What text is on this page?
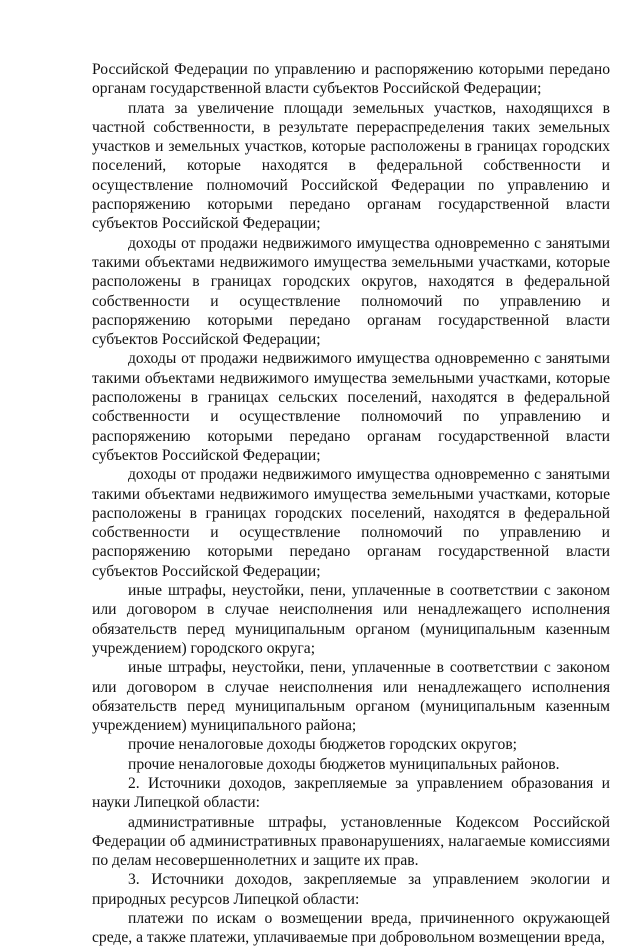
Российской Федерации по управлению и распоряжению которыми передано органам государственной власти субъектов Российской Федерации;

плата за увеличение площади земельных участков, находящихся в частной собственности, в результате перераспределения таких земельных участков и земельных участков, которые расположены в границах городских поселений, которые находятся в федеральной собственности и осуществление полномочий Российской Федерации по управлению и распоряжению которыми передано органам государственной власти субъектов Российской Федерации;

доходы от продажи недвижимого имущества одновременно с занятыми такими объектами недвижимого имущества земельными участками, которые расположены в границах городских округов, находятся в федеральной собственности и осуществление полномочий по управлению и распоряжению которыми передано органам государственной власти субъектов Российской Федерации;

доходы от продажи недвижимого имущества одновременно с занятыми такими объектами недвижимого имущества земельными участками, которые расположены в границах сельских поселений, находятся в федеральной собственности и осуществление полномочий по управлению и распоряжению которыми передано органам государственной власти субъектов Российской Федерации;

доходы от продажи недвижимого имущества одновременно с занятыми такими объектами недвижимого имущества земельными участками, которые расположены в границах городских поселений, находятся в федеральной собственности и осуществление полномочий по управлению и распоряжению которыми передано органам государственной власти субъектов Российской Федерации;

иные штрафы, неустойки, пени, уплаченные в соответствии с законом или договором в случае неисполнения или ненадлежащего исполнения обязательств перед муниципальным органом (муниципальным казенным учреждением) городского округа;

иные штрафы, неустойки, пени, уплаченные в соответствии с законом или договором в случае неисполнения или ненадлежащего исполнения обязательств перед муниципальным органом (муниципальным казенным учреждением) муниципального района;

прочие неналоговые доходы бюджетов городских округов;

прочие неналоговые доходы бюджетов муниципальных районов.

2. Источники доходов, закрепляемые за управлением образования и науки Липецкой области:

административные штрафы, установленные Кодексом Российской Федерации об административных правонарушениях, налагаемые комиссиями по делам несовершеннолетних и защите их прав.

3. Источники доходов, закрепляемые за управлением экологии и природных ресурсов Липецкой области:

платежи по искам о возмещении вреда, причиненного окружающей среде, а также платежи, уплачиваемые при добровольном возмещении вреда,
